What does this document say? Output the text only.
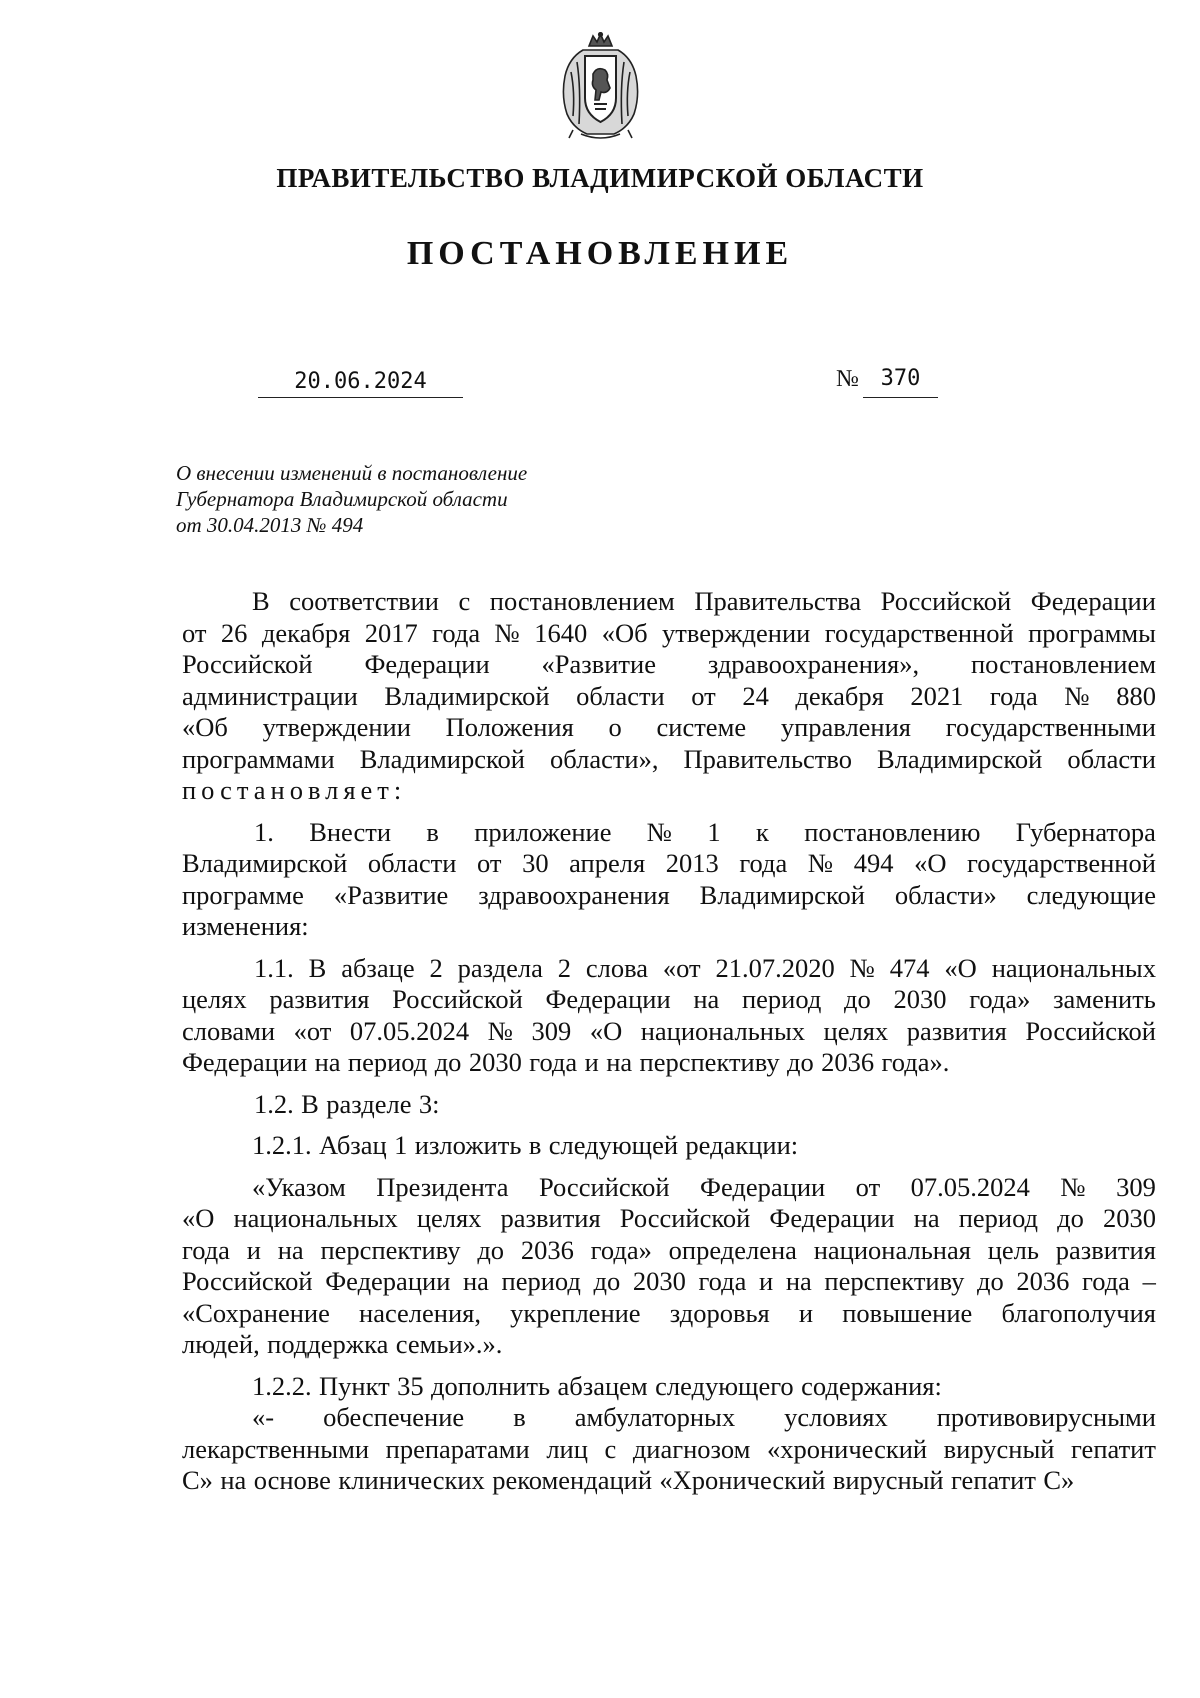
ПРАВИТЕЛЬСТВО ВЛАДИМИРСКОЙ ОБЛАСТИ
ПОСТАНОВЛЕНИЕ
20.06.2024	№ 370
О внесении изменений в постановление
Губернатора Владимирской области
от 30.04.2013 № 494
В соответствии с постановлением Правительства Российской Федерации
от 26 декабря 2017 года № 1640 «Об утверждении государственной программы
Российской Федерации «Развитие здравоохранения», постановлением
администрации Владимирской области от 24 декабря 2021 года № 880
«Об утверждении Положения о системе управления государственными
программами Владимирской области», Правительство Владимирской области
постановляет:
1. Внести в приложение № 1 к постановлению Губернатора
Владимирской области от 30 апреля 2013 года № 494 «О государственной
программе «Развитие здравоохранения Владимирской области» следующие
изменения:
1.1. В абзаце 2 раздела 2 слова «от 21.07.2020 № 474 «О национальных
целях развития Российской Федерации на период до 2030 года» заменить
словами «от 07.05.2024 № 309 «О национальных целях развития Российской
Федерации на период до 2030 года и на перспективу до 2036 года».
1.2. В разделе 3:
1.2.1. Абзац 1 изложить в следующей редакции:
«Указом Президента Российской Федерации от 07.05.2024 № 309
«О национальных целях развития Российской Федерации на период до 2030
года и на перспективу до 2036 года» определена национальная цель развития
Российской Федерации на период до 2030 года и на перспективу до 2036 года –
«Сохранение населения, укрепление здоровья и повышение благополучия
людей, поддержка семьи».».
1.2.2. Пункт 35 дополнить абзацем следующего содержания:
«- обеспечение в амбулаторных условиях противовирусными
лекарственными препаратами лиц с диагнозом «хронический вирусный гепатит
С» на основе клинических рекомендаций «Хронический вирусный гепатит С»
